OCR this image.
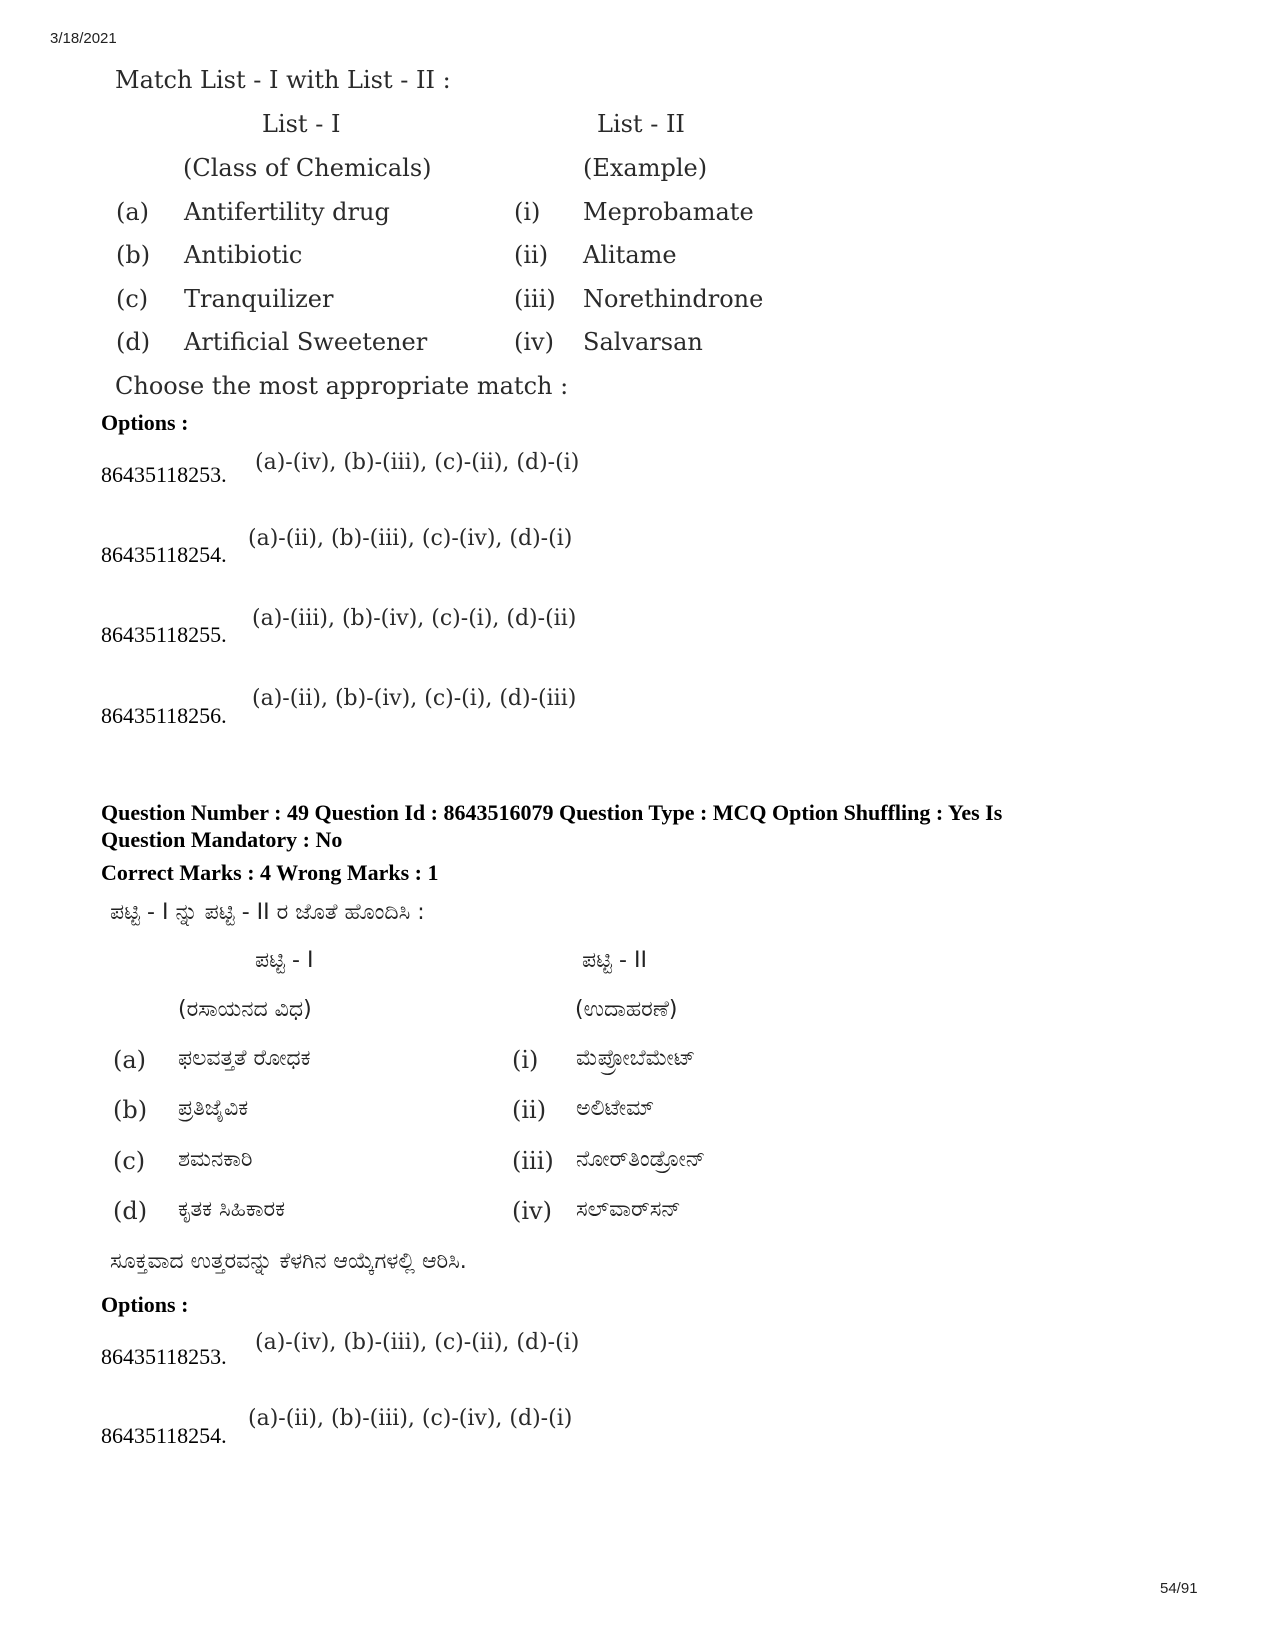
3/18/2021
54/91
Match List - I with List - II :
List - I	List - II
(Class of Chemicals)	(Example)
(a) Antifertility drug	(i) Meprobamate
(b) Antibiotic	(ii) Alitame
(c) Tranquilizer	(iii) Norethindrone
(d) Artificial Sweetener	(iv) Salvarsan
Choose the most appropriate match :
Options :
86435118253. (a)-(iv), (b)-(iii), (c)-(ii), (d)-(i)
86435118254.
(a)-(ii), (b)-(iii), (c)-(iv), (d)-(i)
86435118255.
(a)-(iii), (b)-(iv), (c)-(i), (d)-(ii)
86435118256.
(a)-(ii), (b)-(iv), (c)-(i), (d)-(iii)
Question Number : 49 Question Id : 8643516079 Question Type : MCQ Option Shuffling : Yes Is
Question Mandatory : No
Correct Marks : 4 Wrong Marks : 1
ಪಟ್ಟಿ - I ನ್ನು ಪಟ್ಟಿ - II ರ ಜೊತೆ ಹೊಂದಿಸಿ :
ಪಟ್ಟಿ - I	ಪಟ್ಟಿ - II
(ರಸಾಯನದ ವಿಧ)	(ಉದಾಹರಣೆ)
(a) ಫಲವತ್ತತೆ ರೋಧಕ	(i) ಮೆಪ್ರೋಬೆಮೇಟ್
(b) ಪ್ರತಿಜೈವಿಕ	(ii) ಅಲಿಟೇಮ್
(c) ಶಮನಕಾರಿ	(iii) ನೋರ್‌ತಿಂಡ್ರೋನ್
(d) ಕೃತಕ ಸಿಹಿಕಾರಕ	(iv) ಸಲ್‌ವಾರ್‌ಸನ್
ಸೂಕ್ತವಾದ ಉತ್ತರವನ್ನು ಕೆಳಗಿನ ಆಯ್ಕೆಗಳಲ್ಲಿ ಆರಿಸಿ.
Options :
86435118253.
(a)-(iv), (b)-(iii), (c)-(ii), (d)-(i)
86435118254.
(a)-(ii), (b)-(iii), (c)-(iv), (d)-(i)
